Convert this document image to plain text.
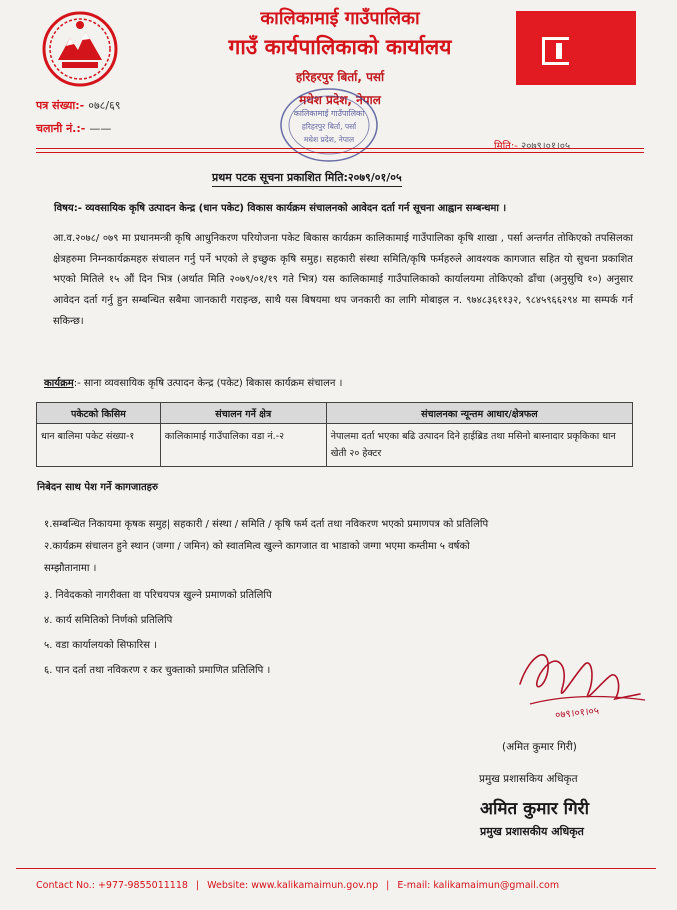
कालिकामाई गाउँपालिका
गाउँ कार्यपालिकाको कार्यालय
हरिहरपुर बिर्ता, पर्सा
मधेश प्रदेश, नेपाल
कालिकामाई गाउँपालिका
हरिहरपुर बिर्ता, पर्सा
मधेश प्रदेश, नेपाल
पत्र संख्या:- ०७८/६९
चलानी नं.:- ——
मिति:- २०७९।०१।०५
प्रथम पटक सूचना प्रकाशित मिति:२०७९/०१/०५
विषय:- व्यवसायिक कृषि उत्पादन केन्द्र (धान पकेट) विकास कार्यक्रम संचालनको आवेदन दर्ता गर्न सूचना आह्वान सम्बन्धमा ।
आ.व.२०७८/ ०७९ मा प्रधानमन्त्री कृषि आधुनिकरण परियोजना पकेट बिकास कार्यक्रम कालिकामाई गाउँपालिका कृषि शाखा , पर्सा अन्तर्गत तोकिएको तपसिलका क्षेत्रहरुमा निम्नकार्यक्रमहरु संचालन गर्नु पर्ने भएको ले इच्छुक कृषि समुह। सहकारी संस्था समिति/कृषि फर्महरुले आवश्यक कागजात सहित यो सुचना प्रकाशित भएको मितिले १५ औं दिन भित्र (अर्थात मिति २०७९/०१/१९ गते भित्र) यस कालिकामाई गाउँपालिकाको कार्यालयमा तोकिएको ढाँचा (अनुसुचि १०) अनुसार आवेदन दर्ता गर्नु हुन सम्बन्धित सबैमा जानकारी गराइन्छ, साथै यस बिषयमा थप जनकारी का लागि मोबाइल न. ९७४८३६११३२, ९८४५९६६२९४ मा सम्पर्क गर्न सकिन्छ।
कार्यक्रम:- साना व्यवसायिक कृषि उत्पादन केन्द्र (पकेट) बिकास कार्यक्रम संचालन ।
पकेटको किसिम	संचालन गर्ने क्षेत्र	संचालनका न्यून्तम आधार/क्षेत्रफल
धान बालिमा पकेट संख्या-१	कालिकामाई गाउँपालिका वडा नं.-२	नेपालमा दर्ता भएका बढि उत्पादन दिने हाईब्रिड तथा मसिनो बास्नादार प्रकृकिका धान खेती २० हेक्टर
निबेदन साथ पेश गर्ने कागजातहरु
१.सम्बन्धित निकायमा कृषक समुह| सहकारी / संस्था / समिति / कृषि फर्म दर्ता तथा नविकरण भएको प्रमाणपत्र को प्रतिलिपि
२.कार्यक्रम संचालन हुने स्थान (जग्गा / जमिन) को स्वातमित्व खुल्ने कागजात वा भाडाको जग्गा भएमा कम्तीमा ५ वर्षको
सम्झौतानामा ।
३. निवेदकको नागरीक्ता वा परिचयपत्र खुल्ने प्रमाणको प्रतिलिपि
४. कार्य समितिको निर्णको प्रतिलिपि
५. वडा कार्यालयको सिफारिस ।
६. पान दर्ता तथा नविकरण र कर चुक्ताको प्रमाणित प्रतिलिपि ।
०७९।०१।०५
(अमित कुमार गिरी)
प्रमुख प्रशासकिय अधिकृत
अमित कुमार गिरी
प्रमुख प्रशासकीय अधिकृत
Contact No.: +977-9855011118 | Website: www.kalikamaimun.gov.np | E-mail: kalikamaimun@gmail.com
